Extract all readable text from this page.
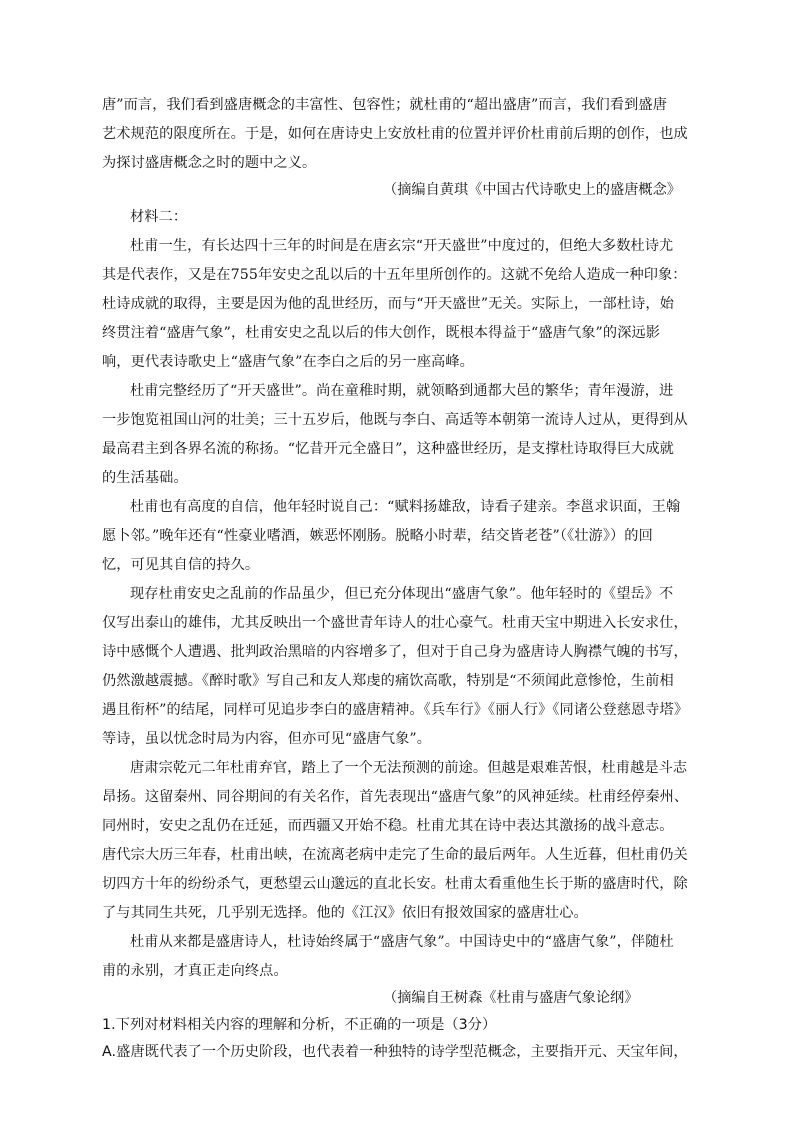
唐”而言，我们看到盛唐概念的丰富性、包容性；就杜甫的“超出盛唐”而言，我们看到盛唐
艺术规范的限度所在。于是，如何在唐诗史上安放杜甫的位置并评价杜甫前后期的创作，也成
为探讨盛唐概念之时的题中之义。
（摘编自黄琪《中国古代诗歌史上的盛唐概念》
材料二：
杜甫一生，有长达四十三年的时间是在唐玄宗“开天盛世”中度过的，但绝大多数杜诗尤
其是代表作，又是在755年安史之乱以后的十五年里所创作的。这就不免给人造成一种印象：
杜诗成就的取得，主要是因为他的乱世经历，而与“开天盛世”无关。实际上，一部杜诗，始
终贯注着“盛唐气象”，杜甫安史之乱以后的伟大创作，既根本得益于“盛唐气象”的深远影
响，更代表诗歌史上“盛唐气象”在李白之后的另一座高峰。
杜甫完整经历了“开天盛世”。尚在童稚时期，就领略到通都大邑的繁华；青年漫游，进
一步饱览祖国山河的壮美；三十五岁后，他既与李白、高适等本朝第一流诗人过从，更得到从
最高君主到各界名流的称扬。“忆昔开元全盛日”，这种盛世经历，是支撑杜诗取得巨大成就
的生活基础。
杜甫也有高度的自信，他年轻时说自己：“赋料扬雄敌，诗看子建亲。李邕求识面，王翰
愿卜邻。”晚年还有“性豪业嗜酒，嫉恶怀刚肠。脱略小时辈，结交皆老苍”（《壮游》）的回
忆，可见其自信的持久。
现存杜甫安史之乱前的作品虽少，但已充分体现出“盛唐气象”。他年轻时的《望岳》不
仅写出泰山的雄伟，尤其反映出一个盛世青年诗人的壮心豪气。杜甫天宝中期进入长安求仕，
诗中感慨个人遭遇、批判政治黑暗的内容增多了，但对于自己身为盛唐诗人胸襟气魄的书写，
仍然激越震撼。《醉时歌》写自己和友人郑虔的痛饮高歌，特别是“不须闻此意惨怆，生前相
遇且衔杯”的结尾，同样可见追步李白的盛唐精神。《兵车行》《丽人行》《同诸公登慈恩寺塔》
等诗，虽以忧念时局为内容，但亦可见“盛唐气象”。
唐肃宗乾元二年杜甫弃官，踏上了一个无法预测的前途。但越是艰难苦恨，杜甫越是斗志
昂扬。这留秦州、同谷期间的有关名作，首先表现出“盛唐气象”的风神延续。杜甫经停秦州、
同州时，安史之乱仍在迁延，而西疆又开始不稳。杜甫尤其在诗中表达其激扬的战斗意志。
唐代宗大历三年春，杜甫出峡，在流离老病中走完了生命的最后两年。人生近暮，但杜甫仍关
切四方十年的纷纷杀气，更愁望云山邈远的直北长安。杜甫太看重他生长于斯的盛唐时代，除
了与其同生共死，几乎别无选择。他的《江汉》依旧有报效国家的盛唐壮心。
杜甫从来都是盛唐诗人，杜诗始终属于“盛唐气象”。中国诗史中的“盛唐气象”，伴随杜
甫的永别，才真正走向终点。
（摘编自王树森《杜甫与盛唐气象论纲》
1.下列对材料相关内容的理解和分析，不正确的一项是（3分）
A.盛唐既代表了一个历史阶段，也代表着一种独特的诗学型范概念，主要指开元、天宝年间，
